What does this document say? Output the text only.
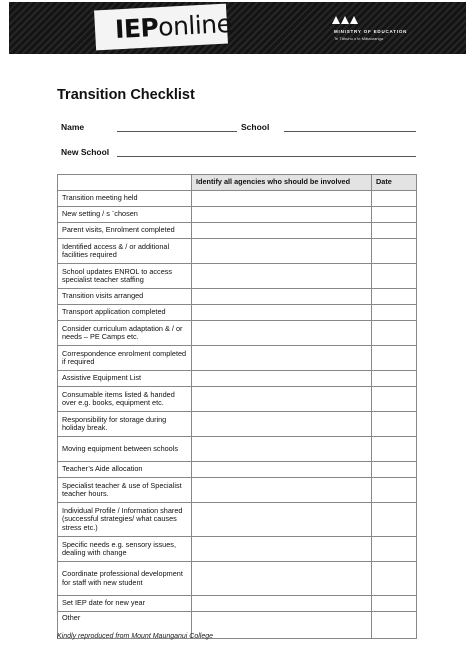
IEPonline	MINISTRY OF EDUCATION
Te Tāhuhu o te Mātauranga
Transition Checklist
Name	School
New School
	Identify all agencies who should be involved	Date
Transition meeting held		
New setting / s ¨chosen		
Parent visits, Enrolment completed		
Identified access & / or additional facilities required		
School updates ENROL to access specialist teacher staffing		
Transition visits arranged		
Transport application completed		
Consider curriculum adaptation & / or needs – PE Camps etc.		
Correspondence enrolment completed if required		
Assistive Equipment List		
Consumable items listed & handed over e.g. books, equipment etc.		
Responsibility for storage during holiday break.		
Moving equipment between schools		
Teacher’s Aide allocation		
Specialist teacher & use of Specialist teacher hours.		
Individual Profile / Information shared (successful strategies/ what causes stress etc.)		
Specific needs e.g. sensory issues, dealing with change		
Coordinate professional development for staff with new student		
Set IEP date for new year		
Other		
Kindly reproduced from Mount Maunganui College
